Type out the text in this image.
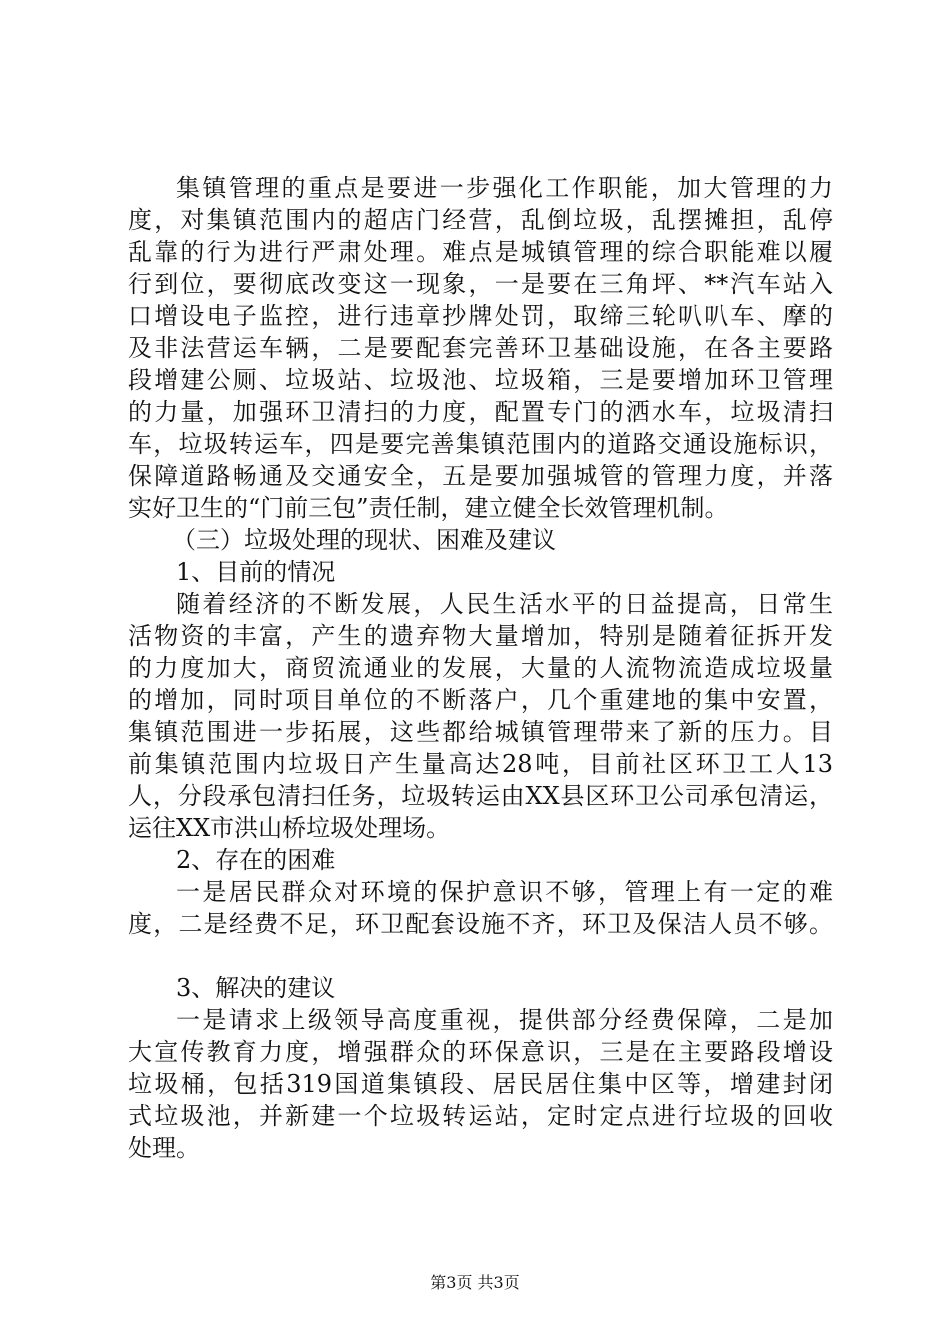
集镇管理的重点是要进一步强化工作职能，加大管理的力
度，对集镇范围内的超店门经营，乱倒垃圾，乱摆摊担，乱停
乱靠的行为进行严肃处理。难点是城镇管理的综合职能难以履
行到位，要彻底改变这一现象，一是要在三角坪、**汽车站入
口增设电子监控，进行违章抄牌处罚，取缔三轮叭叭车、摩的
及非法营运车辆，二是要配套完善环卫基础设施，在各主要路
段增建公厕、垃圾站、垃圾池、垃圾箱，三是要增加环卫管理
的力量，加强环卫清扫的力度，配置专门的洒水车，垃圾清扫
车，垃圾转运车，四是要完善集镇范围内的道路交通设施标识，
保障道路畅通及交通安全，五是要加强城管的管理力度，并落
实好卫生的“门前三包”责任制，建立健全长效管理机制。
（三）垃圾处理的现状、困难及建议
1、目前的情况
随着经济的不断发展，人民生活水平的日益提高，日常生
活物资的丰富，产生的遗弃物大量增加，特别是随着征拆开发
的力度加大，商贸流通业的发展，大量的人流物流造成垃圾量
的增加，同时项目单位的不断落户，几个重建地的集中安置，
集镇范围进一步拓展，这些都给城镇管理带来了新的压力。目
前集镇范围内垃圾日产生量高达28吨，目前社区环卫工人13
人，分段承包清扫任务，垃圾转运由XX县区环卫公司承包清运，
运往XX市洪山桥垃圾处理场。
2、存在的困难
一是居民群众对环境的保护意识不够，管理上有一定的难
度，二是经费不足，环卫配套设施不齐，环卫及保洁人员不够。
3、解决的建议
一是请求上级领导高度重视，提供部分经费保障，二是加
大宣传教育力度，增强群众的环保意识，三是在主要路段增设
垃圾桶，包括319国道集镇段、居民居住集中区等，增建封闭
式垃圾池，并新建一个垃圾转运站，定时定点进行垃圾的回收
处理。
第3页 共3页
